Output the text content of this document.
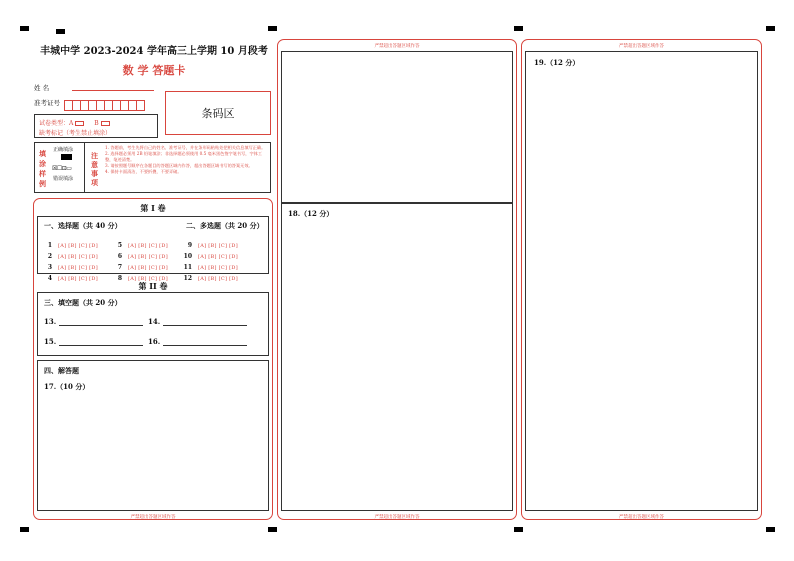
丰城中学 2023-2024 学年高三上学期 10 月段考
数 学 答题卡
姓 名
准考证号
条码区
试卷类型：A	B
缺考标记（考生禁止填涂）
填涂样例
正确填涂
☒☐⊡▭
错误填涂
注意事项
1. 答题前，考生先将自己的姓名、准考证号，并在条形码粘贴处把相关信息填写正确。
2. 选择题必须用 2B 铅笔填涂；非选择题必须使用 0.5 毫米黑色签字笔书写，字体工整，笔迹清楚。
3. 请按照题号顺序在各题目的答题区域内作答，超出答题区域书写的答案无效。
4. 保持卡面清洁，不要折叠，不要弄破。
第 I 卷
一、选择题（共 40 分）	二、多选题（共 20 分）
1 [A] [B] [C] [D]
2 [A] [B] [C] [D]
3 [A] [B] [C] [D]
4 [A] [B] [C] [D]
5 [A] [B] [C] [D]
6 [A] [B] [C] [D]
7 [A] [B] [C] [D]
8 [A] [B] [C] [D]
9 [A] [B] [C] [D]
10 [A] [B] [C] [D]
11 [A] [B] [C] [D]
12 [A] [B] [C] [D]
第 II 卷
三、填空题（共 20 分）
13.	14.
15.	16.
四、解答题
17.（10 分）
严禁超出答题区域作答
严禁超出答题区域作答
18.（12 分）
严禁超出答题区域作答
严禁超出答题区域作答
19.（12 分）
严禁超出答题区域作答
